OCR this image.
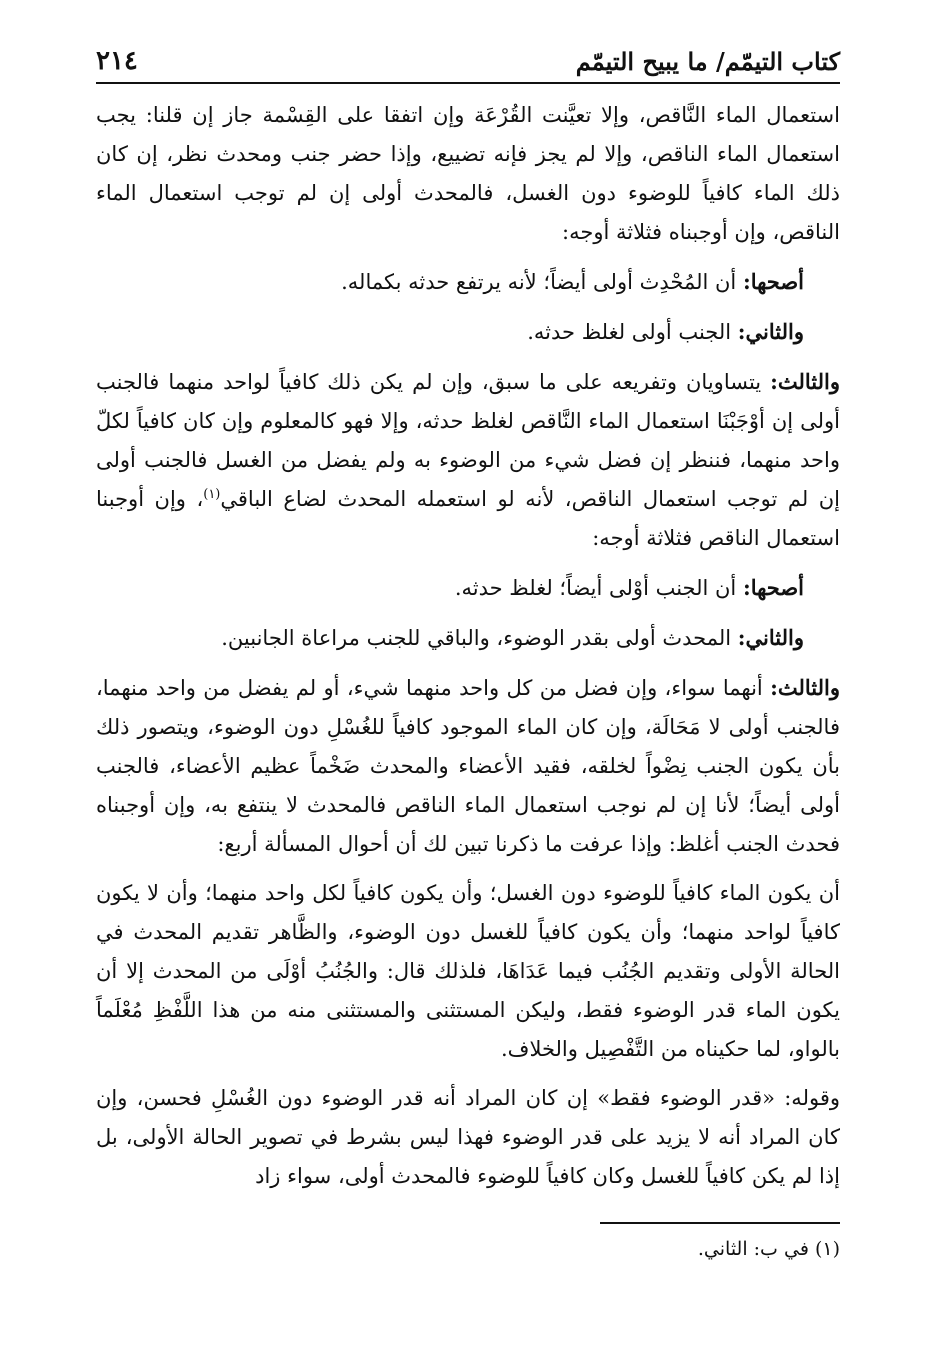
٢١٤	كتاب التيمّم/ ما يبيح التيمّم

استعمال الماء النَّاقص، وإلا تعيَّنت القُرْعَة وإن اتفقا على القِسْمة جاز إن قلنا: يجب استعمال الماء الناقص، وإلا لم يجز فإنه تضييع، وإذا حضر جنب ومحدث نظر، إن كان ذلك الماء كافياً للوضوء دون الغسل، فالمحدث أولى إن لم توجب استعمال الماء الناقص، وإن أوجبناه فثلاثة أوجه:

أصحها: أن المُحْدِث أولى أيضاً؛ لأنه يرتفع حدثه بكماله.

والثاني: الجنب أولى لغلظ حدثه.

والثالث: يتساويان وتفريعه على ما سبق، وإن لم يكن ذلك كافياً لواحد منهما فالجنب أولى إن أوْجَبْنَا استعمال الماء النَّاقص لغلظ حدثه، وإلا فهو كالمعلوم وإن كان كافياً لكلّ واحد منهما، فننظر إن فضل شيء من الوضوء به ولم يفضل من الغسل فالجنب أولى إن لم توجب استعمال الناقص، لأنه لو استعمله المحدث لضاع الباقي$^{(١)}$، وإن أوجبنا استعمال الناقص فثلاثة أوجه:

أصحها: أن الجنب أوْلى أيضاً؛ لغلظ حدثه.

والثاني: المحدث أولى بقدر الوضوء، والباقي للجنب مراعاة الجانبين.

والثالث: أنهما سواء، وإن فضل من كل واحد منهما شيء، أو لم يفضل من واحد منهما، فالجنب أولى لا مَحَالَة، وإن كان الماء الموجود كافياً للغُسْلِ دون الوضوء، ويتصور ذلك بأن يكون الجنب نِضْواً لخلقه، فقيد الأعضاء والمحدث ضَخْماً عظيم الأعضاء، فالجنب أولى أيضاً؛ لأنا إن لم نوجب استعمال الماء الناقص فالمحدث لا ينتفع به، وإن أوجبناه فحدث الجنب أغلظ: وإذا عرفت ما ذكرنا تبين لك أن أحوال المسألة أربع:

أن يكون الماء كافياً للوضوء دون الغسل؛ وأن يكون كافياً لكل واحد منهما؛ وأن لا يكون كافياً لواحد منهما؛ وأن يكون كافياً للغسل دون الوضوء، والظَّاهر تقديم المحدث في الحالة الأولى وتقديم الجُنُب فيما عَدَاهَا، فلذلك قال: والجُنُبُ أوْلَى من المحدث إلا أن يكون الماء قدر الوضوء فقط، وليكن المستثنى والمستثنى منه من هذا اللَّفْظِ مُعْلَماً بالواو، لما حكيناه من التَّفْصِيل والخلاف.

وقوله: «قدر الوضوء فقط» إن كان المراد أنه قدر الوضوء دون الغُسْلِ فحسن، وإن كان المراد أنه لا يزيد على قدر الوضوء فهذا ليس بشرط في تصوير الحالة الأولى، بل إذا لم يكن كافياً للغسل وكان كافياً للوضوء فالمحدث أولى، سواء زاد

(١) في ب: الثاني.
